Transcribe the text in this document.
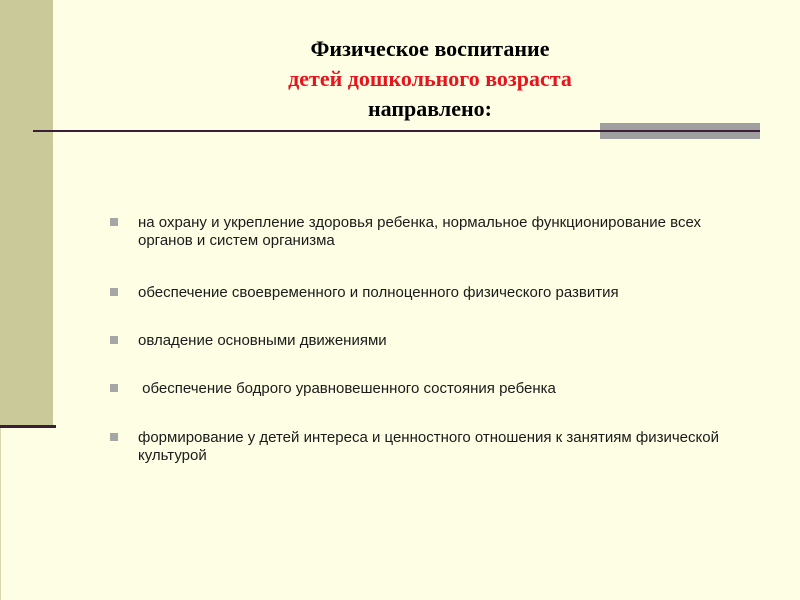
Физическое воспитание
детей дошкольного возраста
направлено:
на охрану и укрепление здоровья ребенка, нормальное функционирование всех органов и систем организма
обеспечение своевременного и полноценного физического развития
овладение основными движениями
обеспечение бодрого уравновешенного состояния ребенка
формирование у детей интереса и ценностного отношения к занятиям физической культурой
